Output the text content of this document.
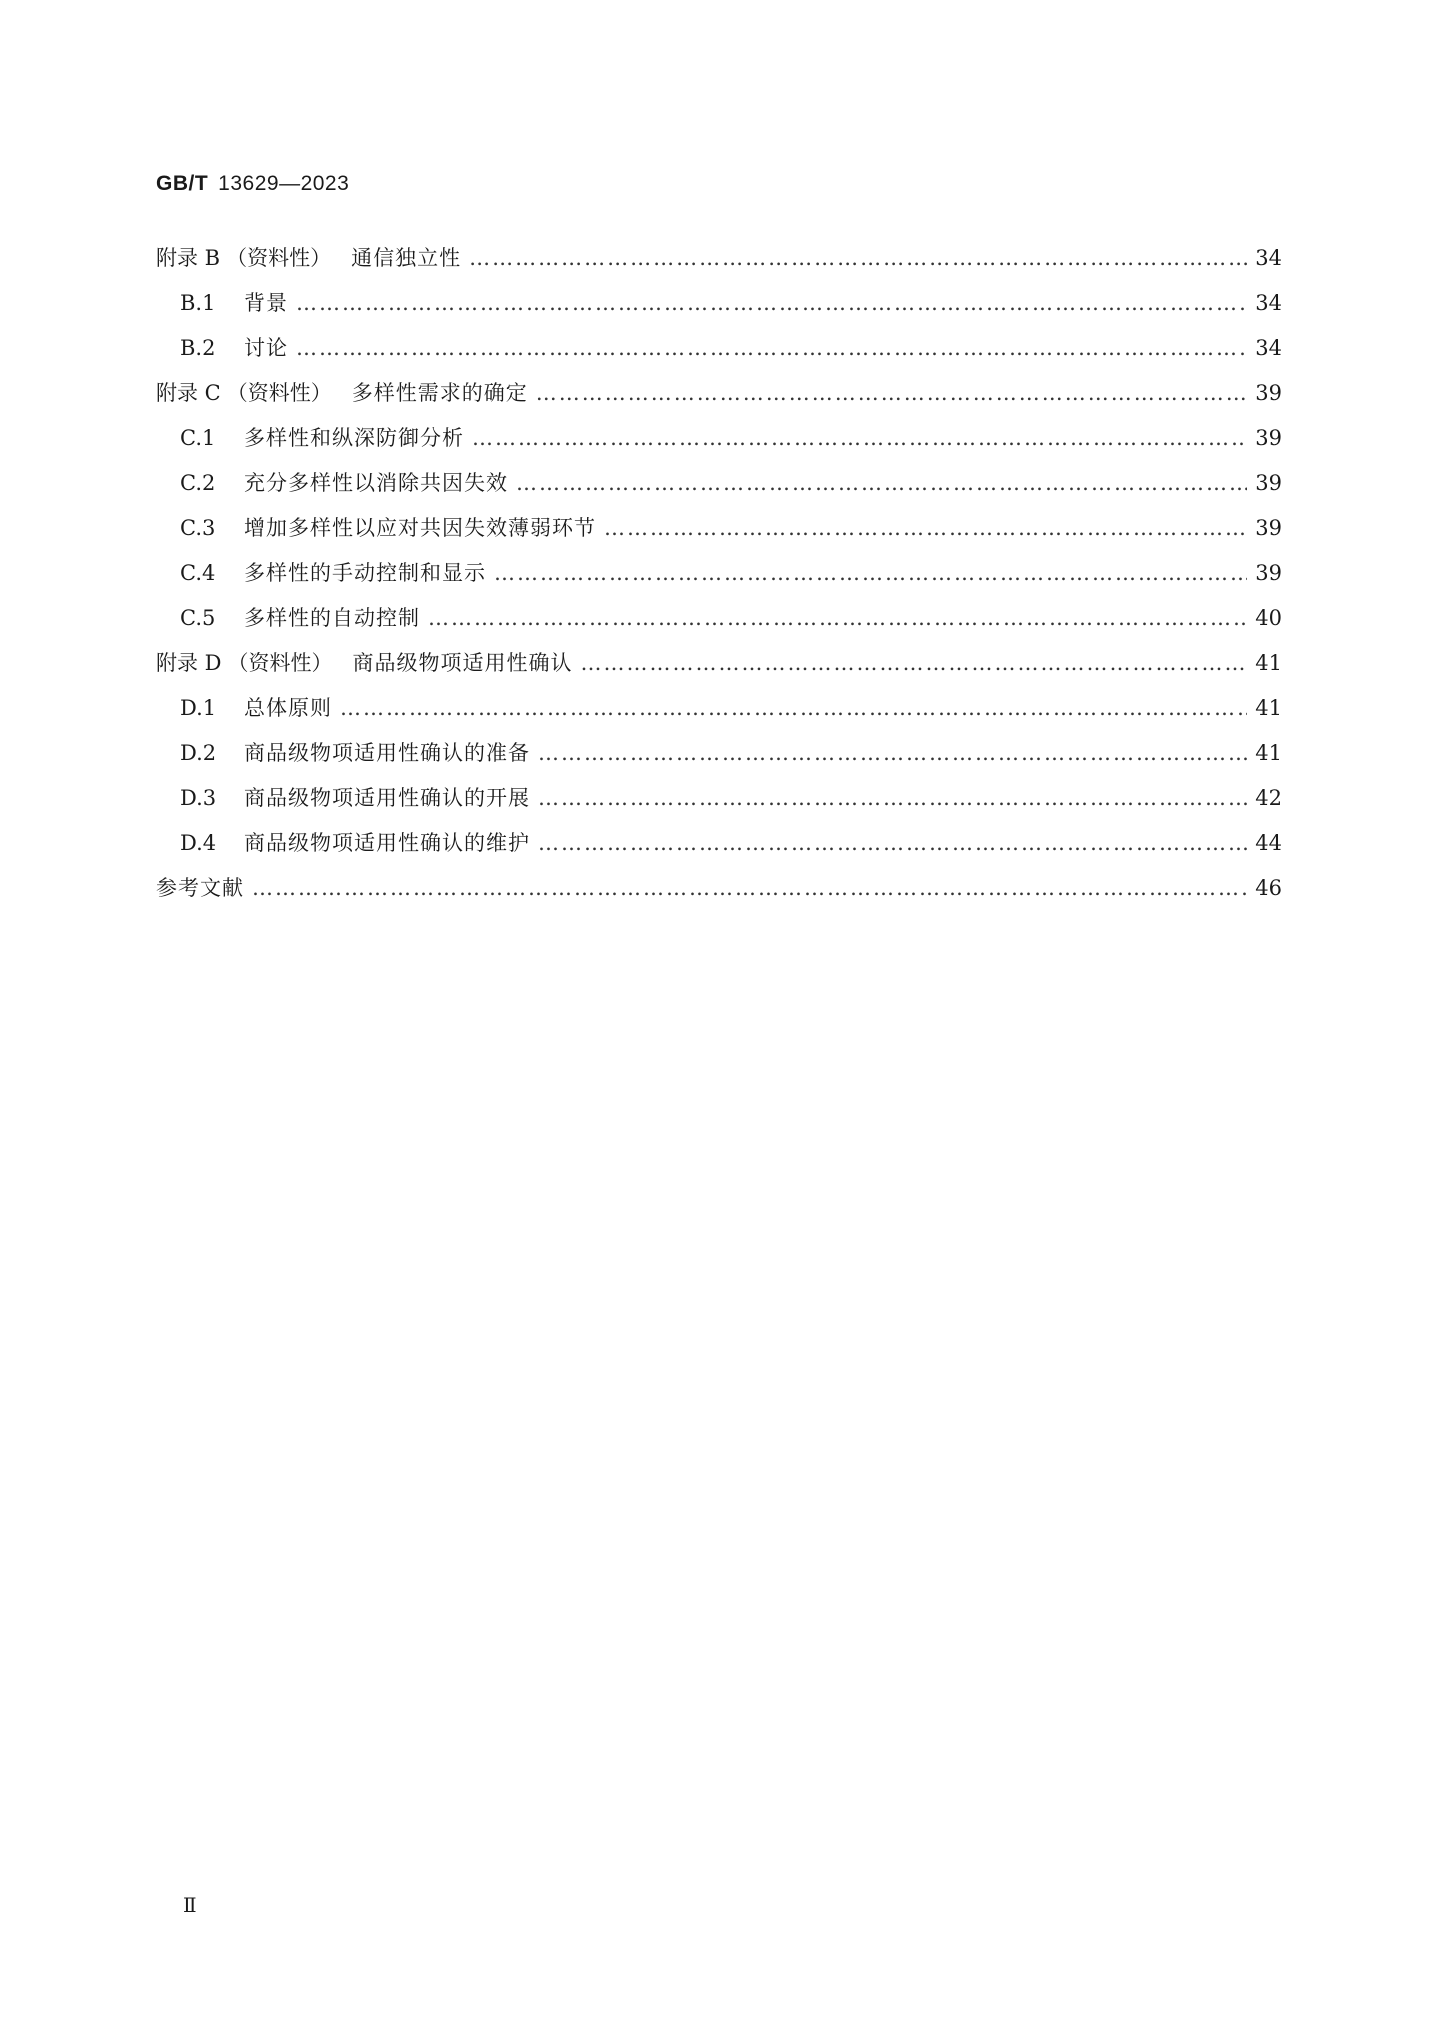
GB/T 13629—2023
附录 B （资料性） 通信独立性 …………………………………………………………………………………………………………………………………………………………………………………………………………………………	34
B.1 背景 …………………………………………………………………………………………………………………………………………………………………………………………………………………………	34
B.2 讨论 …………………………………………………………………………………………………………………………………………………………………………………………………………………………	34
附录 C （资料性） 多样性需求的确定 …………………………………………………………………………………………………………………………………………………………………………………………………………………………	39
C.1 多样性和纵深防御分析 …………………………………………………………………………………………………………………………………………………………………………………………………………………………	39
C.2 充分多样性以消除共因失效 …………………………………………………………………………………………………………………………………………………………………………………………………………………………	39
C.3 增加多样性以应对共因失效薄弱环节 …………………………………………………………………………………………………………………………………………………………………………………………………………………………	39
C.4 多样性的手动控制和显示 …………………………………………………………………………………………………………………………………………………………………………………………………………………………	39
C.5 多样性的自动控制 …………………………………………………………………………………………………………………………………………………………………………………………………………………………	40
附录 D （资料性） 商品级物项适用性确认 …………………………………………………………………………………………………………………………………………………………………………………………………………………………	41
D.1 总体原则 …………………………………………………………………………………………………………………………………………………………………………………………………………………………	41
D.2 商品级物项适用性确认的准备 …………………………………………………………………………………………………………………………………………………………………………………………………………………………	41
D.3 商品级物项适用性确认的开展 …………………………………………………………………………………………………………………………………………………………………………………………………………………………	42
D.4 商品级物项适用性确认的维护 …………………………………………………………………………………………………………………………………………………………………………………………………………………………	44
参考文献 …………………………………………………………………………………………………………………………………………………………………………………………………………………………	46
Ⅱ
